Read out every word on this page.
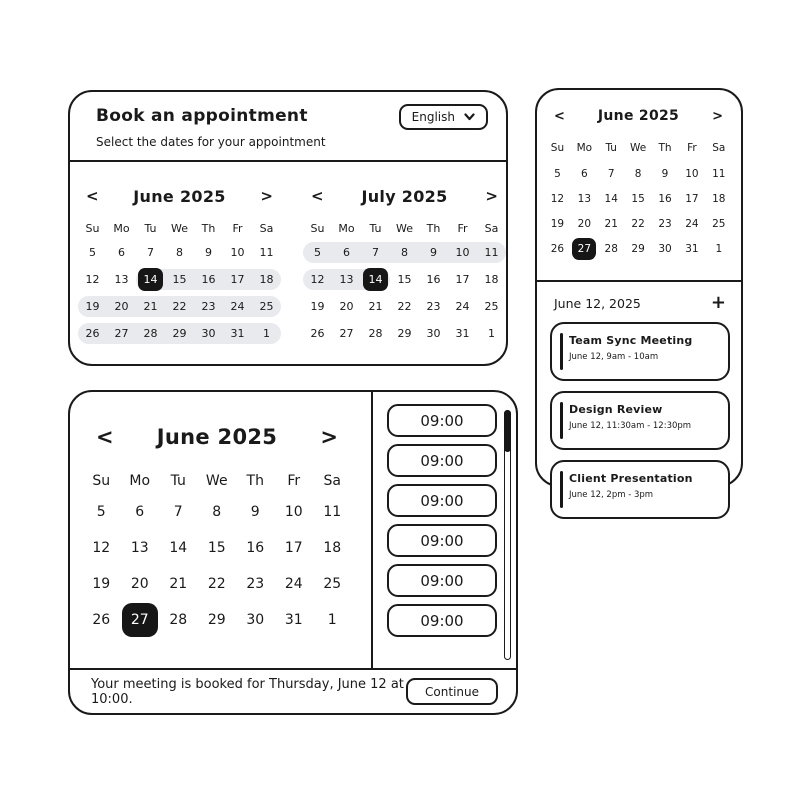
Book an appointment
Select the dates for your appointment
English
< June 2025 >
Su	Mo	Tu	We	Th	Fr	Sa
5 6 7 8 9 10 11
12 13	14	15 16 17 18
19 20 21 22 23 24 25
26 27 28 29 30 31 1
< July 2025	>
Su	Mo	Tu	We	Th	Fr	Sa
5 6 7 8 9 10 11
12 13	14	15 16 17 18
19 20 21 22 23 24 25
26 27 28 29 30 31 1
< June 2025 >
Su	Mo	Tu	We	Th	Fr	Sa
5 6 7 8 9 10 11
12 13 14 15 16 17 18
19 20 21 22 23 24 25
26	27	28 29 30 31 1
09:00
09:00
09:00
09:00
09:00
09:00
Your meeting is booked for Thursday, June 12 at 10:00.	Continue
< June 2025	>
Su	Mo	Tu	We	Th	Fr	Sa
5 6 7 8 9 10 11
12 13 14 15 16 17 18
19 20 21 22 23 24 25
26	27	28 29 30 31 1
June 12, 2025	+
Team Sync Meeting
June 12, 9am - 10am
Design Review
June 12, 11:30am - 12:30pm
Client Presentation
June 12, 2pm - 3pm
